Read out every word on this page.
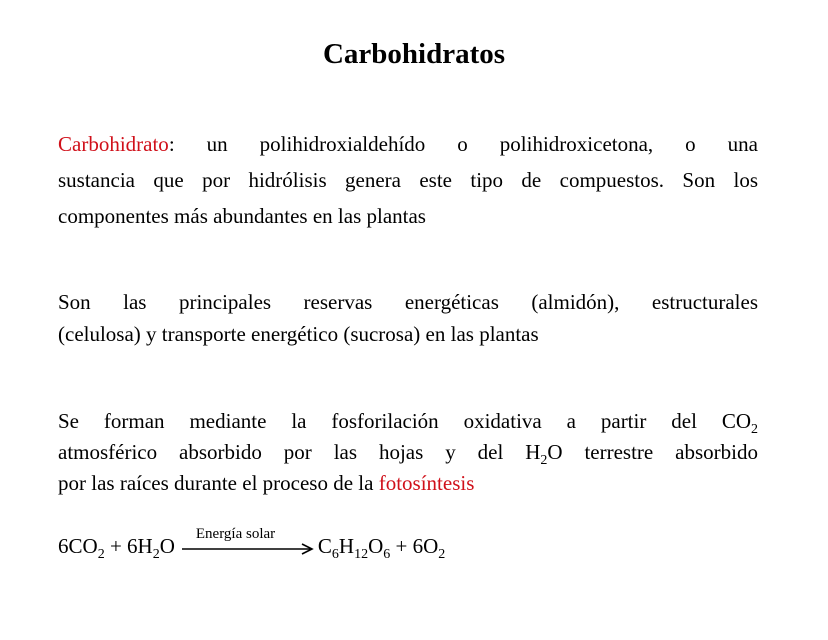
Carbohidratos
Carbohidrato: un polihidroxialdehído o polihidroxicetona, o una
sustancia que por hidrólisis genera este tipo de compuestos. Son los
componentes más abundantes en las plantas
Son las principales reservas energéticas (almidón), estructurales
(celulosa) y transporte energético (sucrosa) en las plantas
Se forman mediante la fosforilación oxidativa a partir del $CO_2$
atmosférico absorbido por las hojas y del $H_2O$ terrestre absorbido
por las raíces durante el proceso de la fotosíntesis
$6CO_2 + 6H_2O$ Energía solar $C_6H_{12}O_6 + 6O_2$
